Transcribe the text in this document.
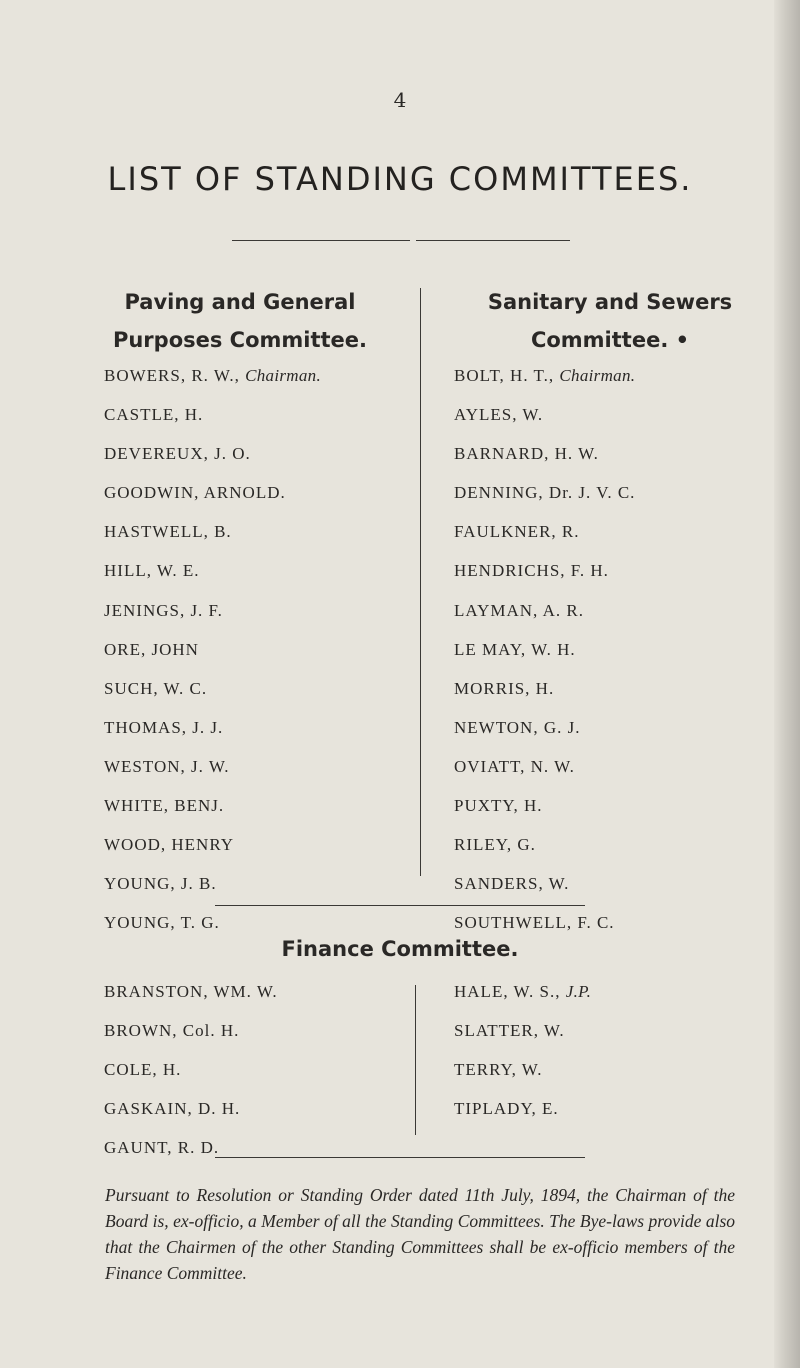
4
LIST OF STANDING COMMITTEES.
Paving and General
Purposes Committee.
Sanitary and Sewers
Committee. •
BOWERS, R. W., Chairman.
CASTLE, H.
DEVEREUX, J. O.
GOODWIN, ARNOLD.
HASTWELL, B.
HILL, W. E.
JENINGS, J. F.
ORE, JOHN
SUCH, W. C.
THOMAS, J. J.
WESTON, J. W.
WHITE, BENJ.
WOOD, HENRY
YOUNG, J. B.
YOUNG, T. G.
BOLT, H. T., Chairman.
AYLES, W.
BARNARD, H. W.
DENNING, Dr. J. V. C.
FAULKNER, R.
HENDRICHS, F. H.
LAYMAN, A. R.
LE MAY, W. H.
MORRIS, H.
NEWTON, G. J.
OVIATT, N. W.
PUXTY, H.
RILEY, G.
SANDERS, W.
SOUTHWELL, F. C.
Finance Committee.
BRANSTON, WM. W.
BROWN, Col. H.
COLE, H.
GASKAIN, D. H.
GAUNT, R. D.
HALE, W. S., J.P.
SLATTER, W.
TERRY, W.
TIPLADY, E.
Pursuant to Resolution or Standing Order dated 11th July, 1894, the Chairman of the Board is, ex-officio, a Member of all the Standing Committees. The Bye-laws provide also that the Chairmen of the other Standing Committees shall be ex-officio members of the Finance Committee.
